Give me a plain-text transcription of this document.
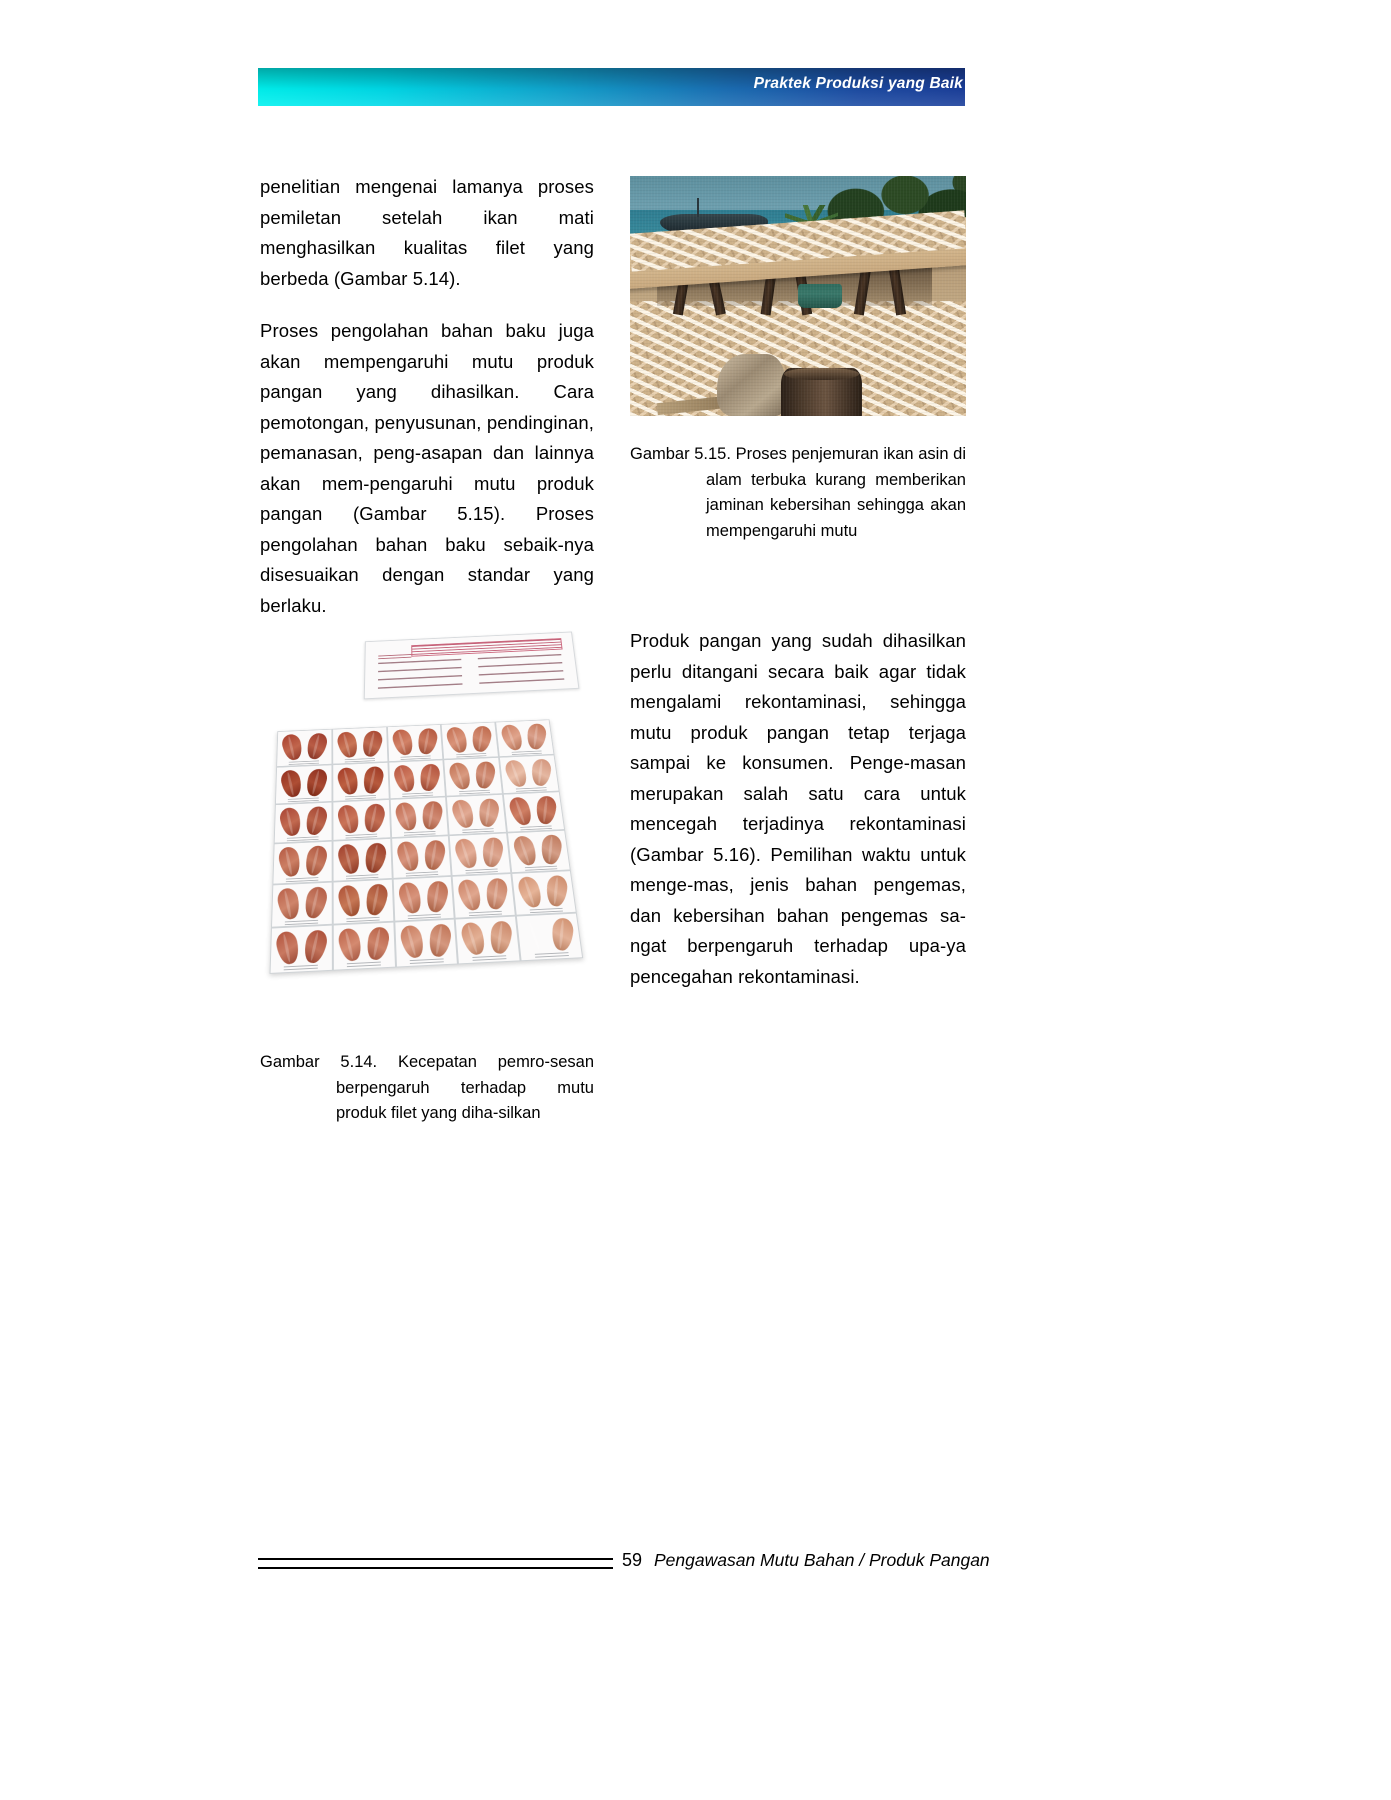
Praktek Produksi yang Baik

penelitian mengenai lamanya proses pemiletan setelah ikan mati menghasilkan kualitas filet yang berbeda (Gambar 5.14).

Proses pengolahan bahan baku juga akan mempengaruhi mutu produk pangan yang dihasilkan. Cara pemotongan, penyusunan, pendinginan, pemanasan, peng-asapan dan lainnya akan mem-pengaruhi mutu produk pangan (Gambar 5.15). Proses pengolahan bahan baku sebaik-nya disesuaikan dengan standar yang berlaku.

Gambar 5.15. Proses penjemuran ikan asin di alam terbuka kurang memberikan jaminan kebersihan sehingga akan mempengaruhi mutu
Gambar 5.14. Kecepatan pemro-sesan berpengaruh terhadap mutu produk filet yang diha-silkan

Produk pangan yang sudah dihasilkan perlu ditangani secara baik agar tidak mengalami rekontaminasi, sehingga mutu produk pangan tetap terjaga sampai ke konsumen. Penge-masan merupakan salah satu cara untuk mencegah terjadinya rekontaminasi (Gambar 5.16). Pemilihan waktu untuk menge-mas, jenis bahan pengemas, dan kebersihan bahan pengemas sa-ngat berpengaruh terhadap upa-ya pencegahan rekontaminasi.

59 Pengawasan Mutu Bahan / Produk Pangan
